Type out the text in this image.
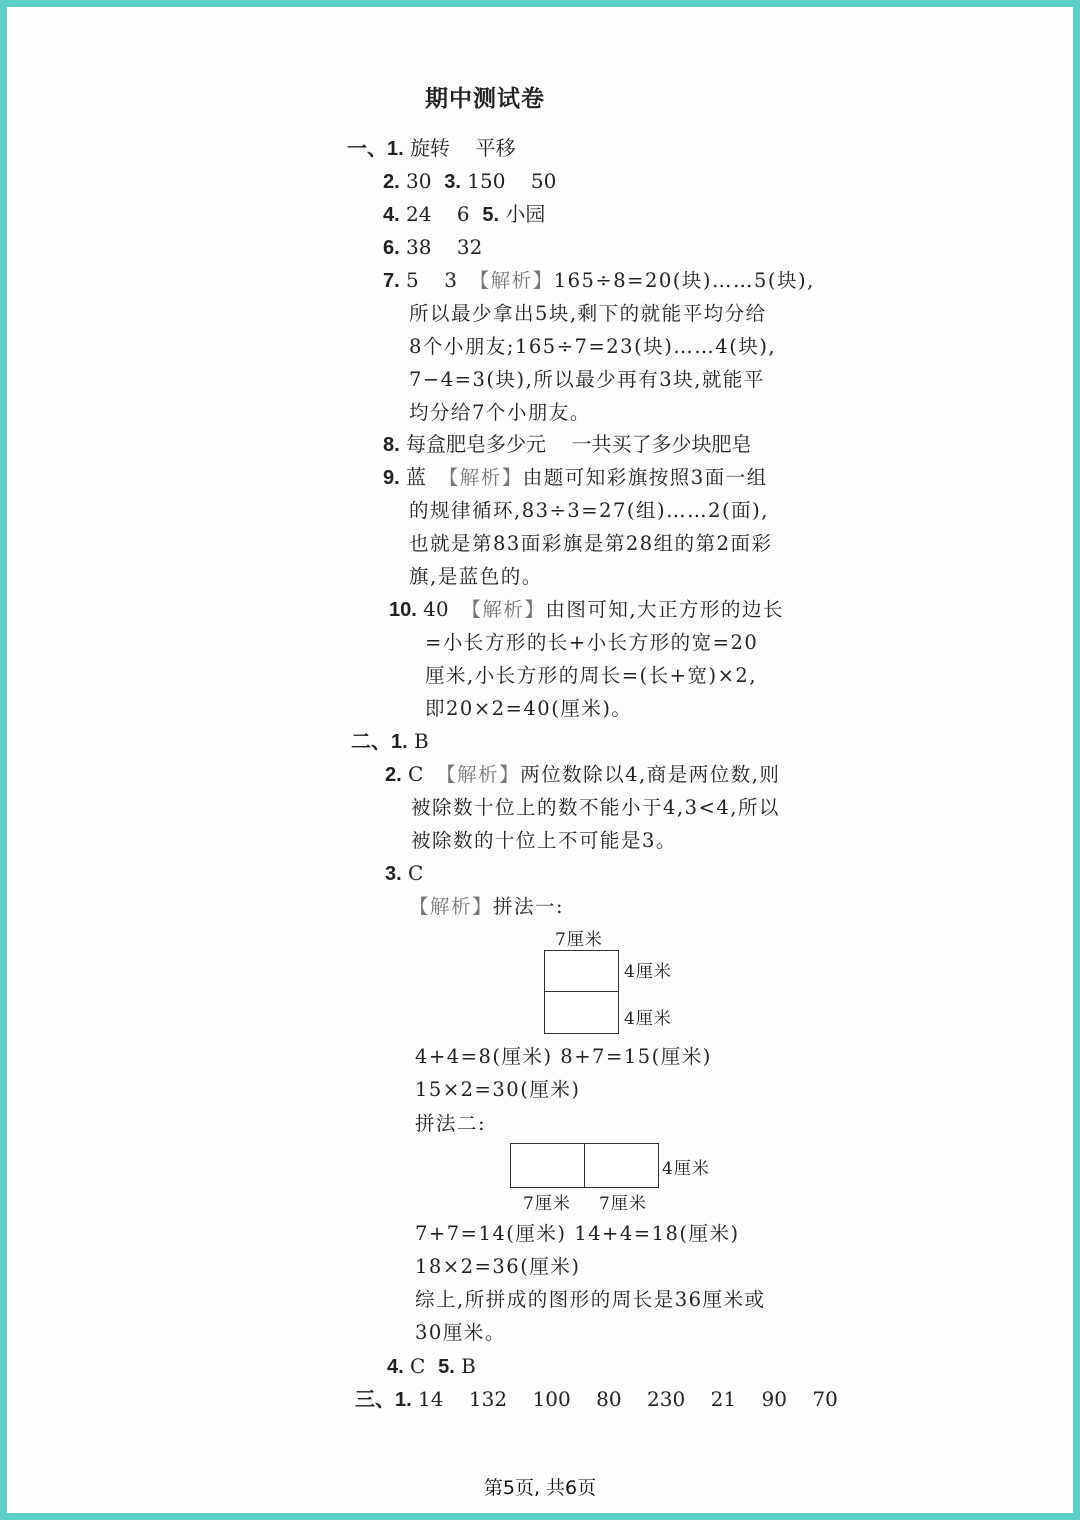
期中测试卷
一、1. 旋转    平移
2. 30 3. 150    50
4. 24    6 5. 小园
6. 38    32
7. 5    3 【解析】165÷8=20(块)……5(块),
所以最少拿出5块,剩下的就能平均分给
8个小朋友;165÷7=23(块)……4(块),
7−4=3(块),所以最少再有3块,就能平
均分给7个小朋友。
8. 每盒肥皂多少元    一共买了多少块肥皂
9. 蓝 【解析】由题可知彩旗按照3面一组
的规律循环,83÷3=27(组)……2(面),
也就是第83面彩旗是第28组的第2面彩
旗,是蓝色的。
10. 40 【解析】由图可知,大正方形的边长
=小长方形的长+小长方形的宽=20
厘米,小长方形的周长=(长+宽)×2,
即20×2=40(厘米)。
二、1. B
2. C 【解析】两位数除以4,商是两位数,则
被除数十位上的数不能小于4,3<4,所以
被除数的十位上不可能是3。
3. C
【解析】拼法一:
7厘米
4厘米
4厘米
4+4=8(厘米) 8+7=15(厘米)
15×2=30(厘米)
拼法二:
4厘米
7厘米 7厘米
7+7=14(厘米) 14+4=18(厘米)
18×2=36(厘米)
综上,所拼成的图形的周长是36厘米或
30厘米。
4. C 5. B
三、1. 14    132    100    80    230    21    90    70
第5页, 共6页
